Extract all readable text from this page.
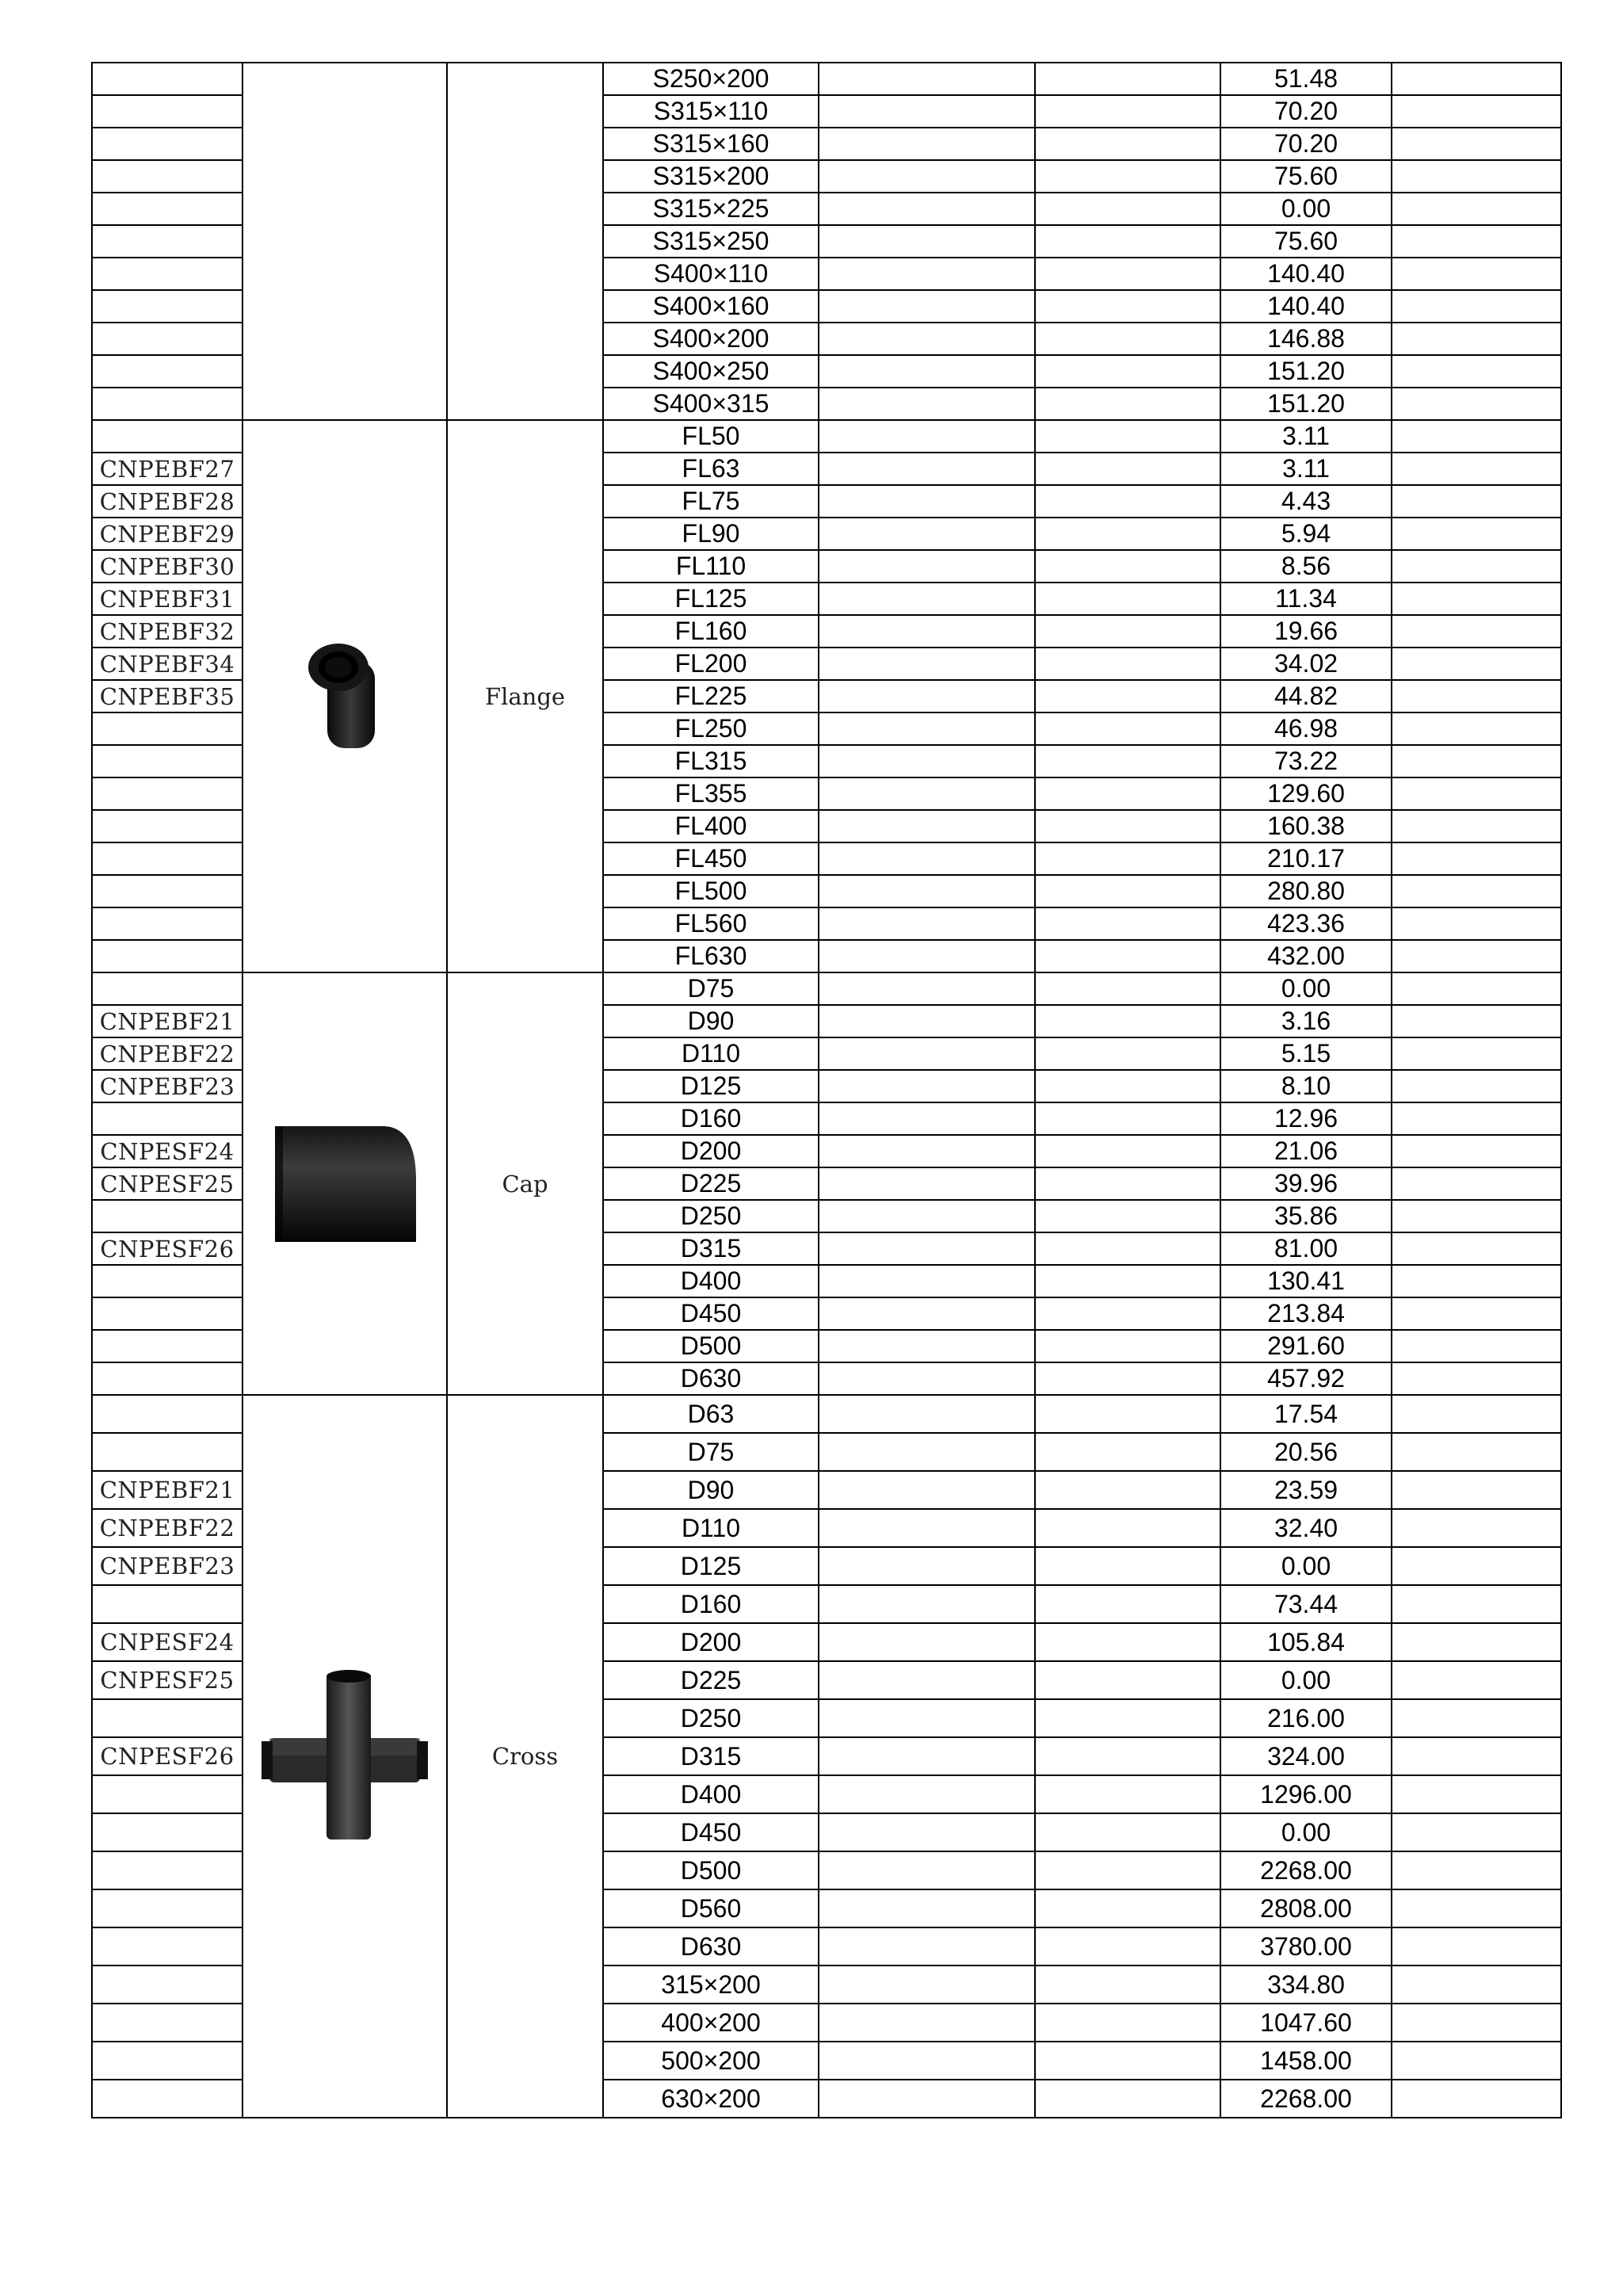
			S250×200			51.48	
			S315×110			70.20	
			S315×160			70.20	
			S315×200			75.60	
			S315×225			0.00	
			S315×250			75.60	
			S400×110			140.40	
			S400×160			140.40	
			S400×200			146.88	
			S400×250			151.20	
			S400×315			151.20	

	Flange	FL50			3.11	
CNPEBF27			FL63			3.11	
CNPEBF28			FL75			4.43	
CNPEBF29			FL90			5.94	
CNPEBF30			FL110			8.56	
CNPEBF31			FL125			11.34	
CNPEBF32			FL160			19.66	
CNPEBF34			FL200			34.02	
CNPEBF35			FL225			44.82	
			FL250			46.98	
			FL315			73.22	
			FL355			129.60	
			FL400			160.38	
			FL450			210.17	
			FL500			280.80	
			FL560			423.36	
			FL630			432.00	

	Cap	D75			0.00	
CNPEBF21			D90			3.16	
CNPEBF22			D110			5.15	
CNPEBF23			D125			8.10	
			D160			12.96	
CNPESF24			D200			21.06	
CNPESF25			D225			39.96	
			D250			35.86	
CNPESF26			D315			81.00	
			D400			130.41	
			D450			213.84	
			D500			291.60	
			D630			457.92	

	Cross	D63			17.54	
			D75			20.56	
CNPEBF21			D90			23.59	
CNPEBF22			D110			32.40	
CNPEBF23			D125			0.00	
			D160			73.44	
CNPESF24			D200			105.84	
CNPESF25			D225			0.00	
			D250			216.00	
CNPESF26			D315			324.00	
			D400			1296.00	
			D450			0.00	
			D500			2268.00	
			D560			2808.00	
			D630			3780.00	
			315×200			334.80	
			400×200			1047.60	
			500×200			1458.00	
			630×200			2268.00	
